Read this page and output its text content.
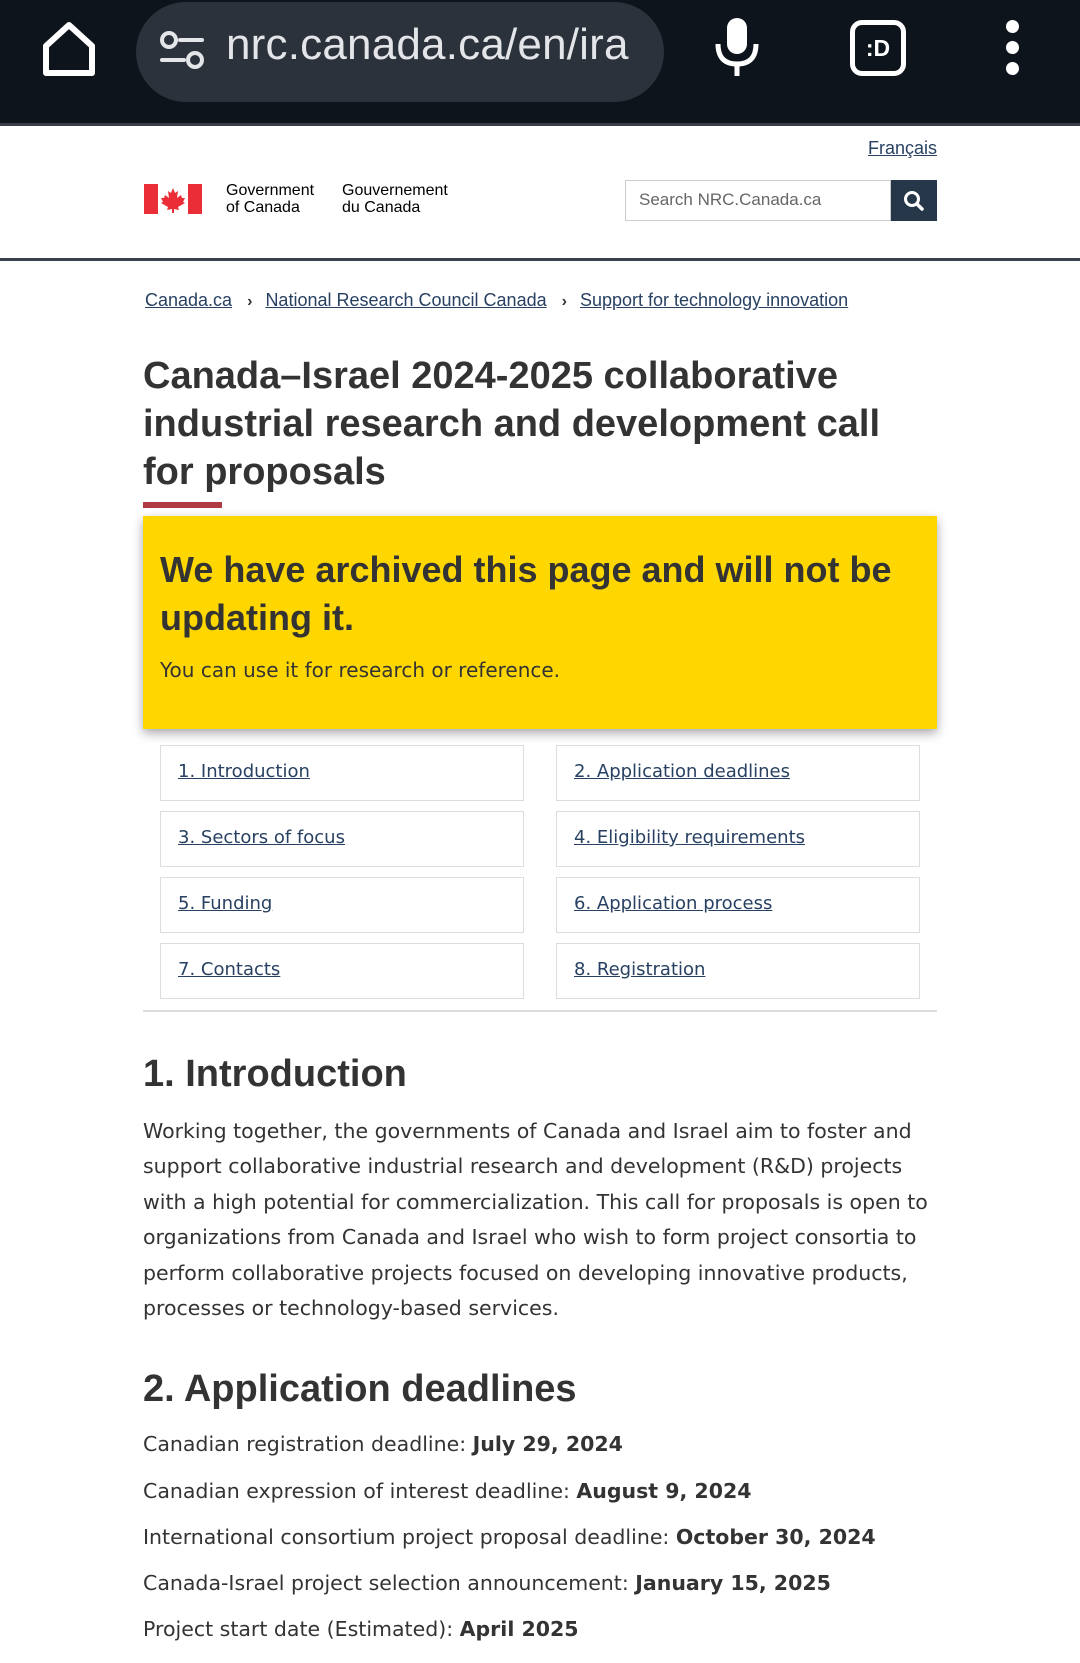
nrc.canada.ca/en/ira	:D
Français
Government
of Canada
Gouvernement
du Canada	Search NRC.Canada.ca
Canada.ca › National Research Council Canada › Support for technology innovation
Canada–Israel 2024-2025 collaborative industrial research and development call for proposals
We have archived this page and will not be updating it.
You can use it for research or reference.
1. Introduction	2. Application deadlines
3. Sectors of focus	4. Eligibility requirements
5. Funding	6. Application process
7. Contacts	8. Registration
1. Introduction

Working together, the governments of Canada and Israel aim to foster and support collaborative industrial research and development (R&D) projects with a high potential for commercialization. This call for proposals is open to organizations from Canada and Israel who wish to form project consortia to perform collaborative projects focused on developing innovative products, processes or technology-based services.

2. Application deadlines

Canadian registration deadline: July 29, 2024

Canadian expression of interest deadline: August 9, 2024

International consortium project proposal deadline: October 30, 2024

Canada-Israel project selection announcement: January 15, 2025

Project start date (Estimated): April 2025
